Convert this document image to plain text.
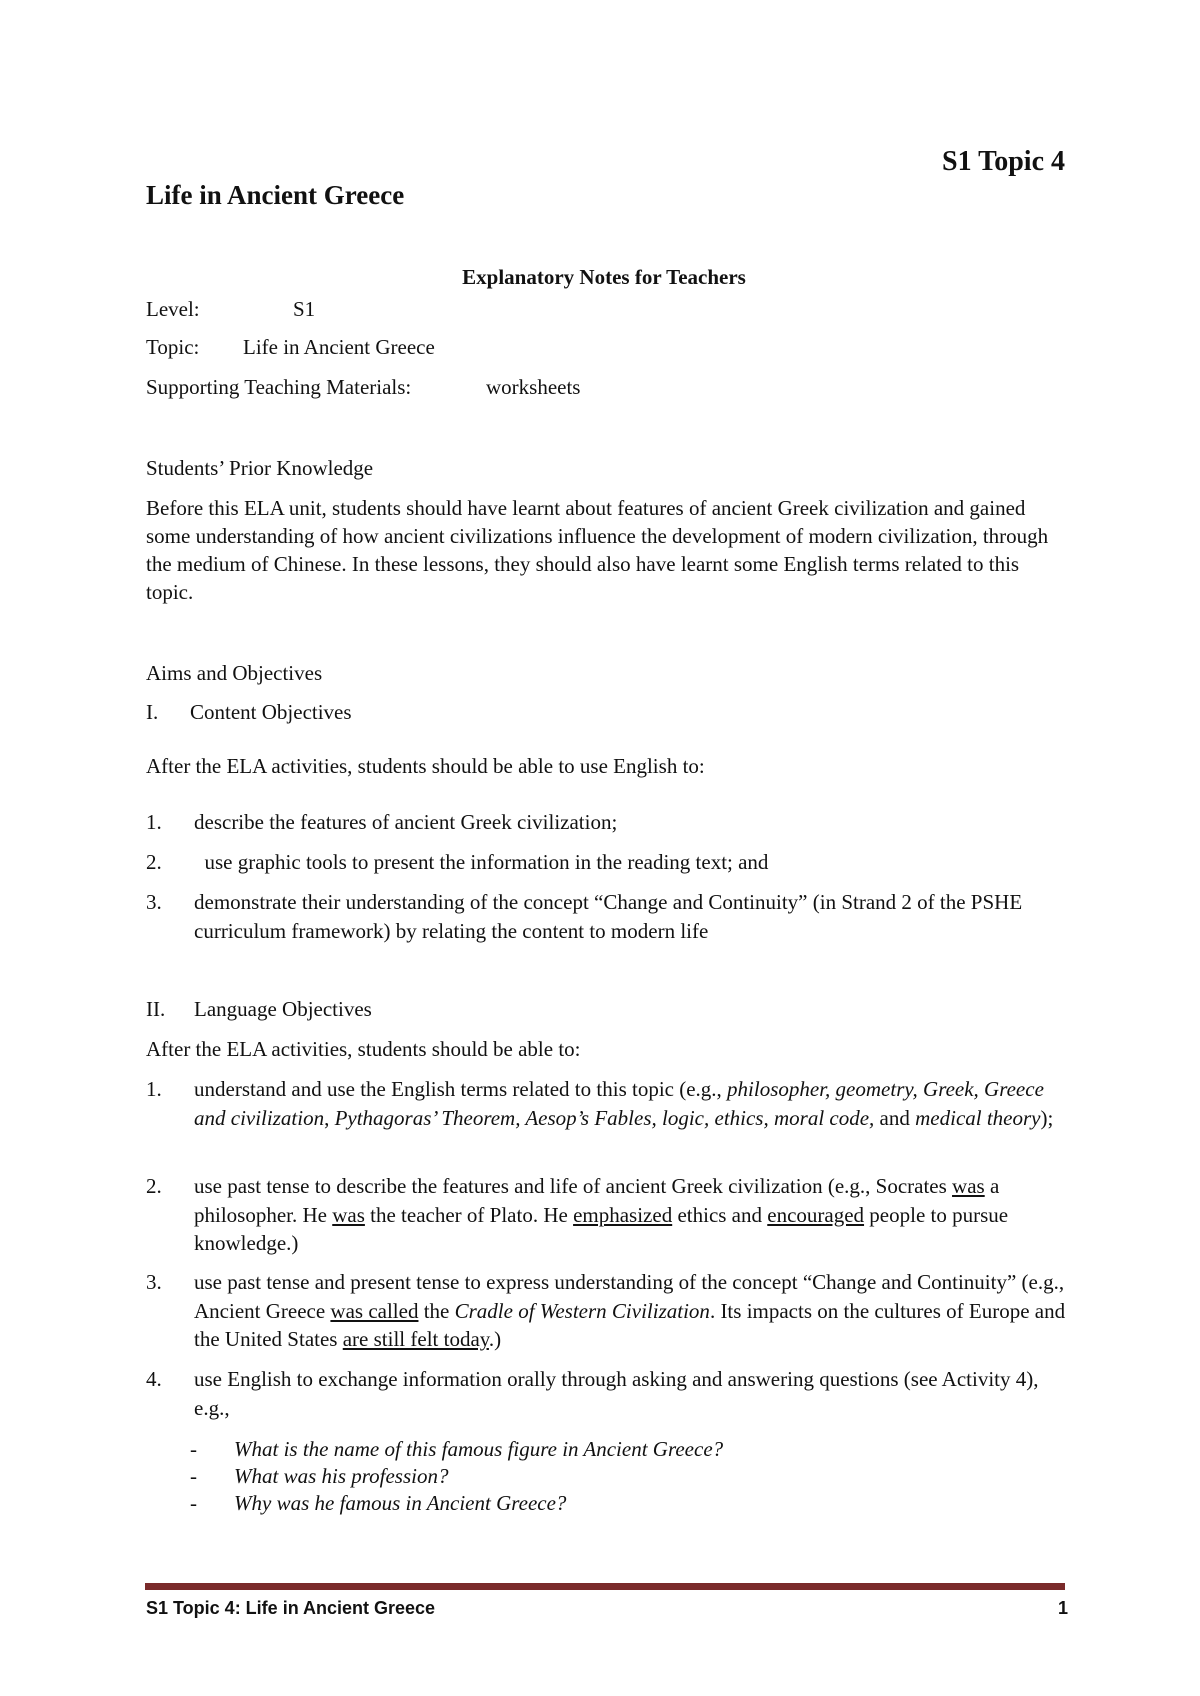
S1 Topic 4
Life in Ancient Greece
Explanatory Notes for Teachers
Level:	S1
Topic: Life in Ancient Greece
Supporting Teaching Materials:	worksheets
Students’ Prior Knowledge
Before this ELA unit, students should have learnt about features of ancient Greek civilization and gained some understanding of how ancient civilizations influence the development of modern civilization, through the medium of Chinese. In these lessons, they should also have learnt some English terms related to this topic.
Aims and Objectives
I. Content Objectives
After the ELA activities, students should be able to use English to:
1. describe the features of ancient Greek civilization;
2. use graphic tools to present the information in the reading text; and
3. demonstrate their understanding of the concept “Change and Continuity” (in Strand 2 of the PSHE curriculum framework) by relating the content to modern life
II. Language Objectives
After the ELA activities, students should be able to:
1. understand and use the English terms related to this topic (e.g., philosopher, geometry, Greek, Greece and civilization, Pythagoras’ Theorem, Aesop’s Fables, logic, ethics, moral code, and medical theory);
2. use past tense to describe the features and life of ancient Greek civilization (e.g., Socrates was a philosopher. He was the teacher of Plato. He emphasized ethics and encouraged people to pursue knowledge.)
3. use past tense and present tense to express understanding of the concept “Change and Continuity” (e.g., Ancient Greece was called the Cradle of Western Civilization. Its impacts on the cultures of Europe and the United States are still felt today.)
4. use English to exchange information orally through asking and answering questions (see Activity 4), e.g.,
- What is the name of this famous figure in Ancient Greece?
- What was his profession?
- Why was he famous in Ancient Greece?
S1 Topic 4: Life in Ancient Greece	1
